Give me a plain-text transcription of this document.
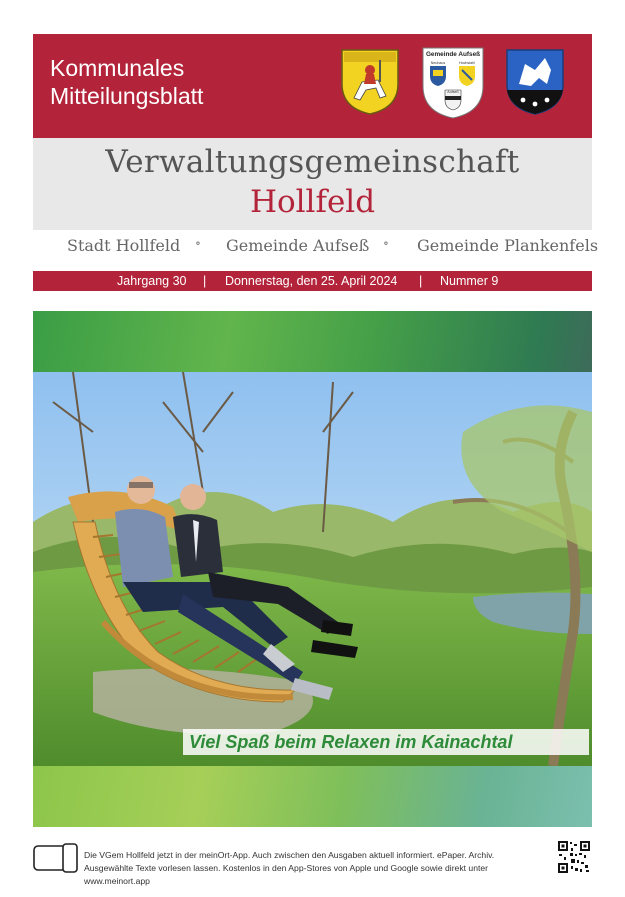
Kommunales
Mitteilungsblatt
Gemeinde Aufseß
Neuhaus	Hochstahl
Aufseß
Verwaltungsgemeinschaft
Hollfeld
Stadt Hollfeld ∘ Gemeinde Aufseß ∘ Gemeinde Plankenfels
Jahrgang 30 | Donnerstag, den 25. April 2024 | Nummer 9
Viel Spaß beim Relaxen im Kainachtal
Die VGem Hollfeld jetzt in der meinOrt-App. Auch zwischen den Ausgaben aktuell informiert. ePaper. Archiv.
Ausgewählte Texte vorlesen lassen. Kostenlos in den App-Stores von Apple und Google sowie direkt unter www.meinort.app
